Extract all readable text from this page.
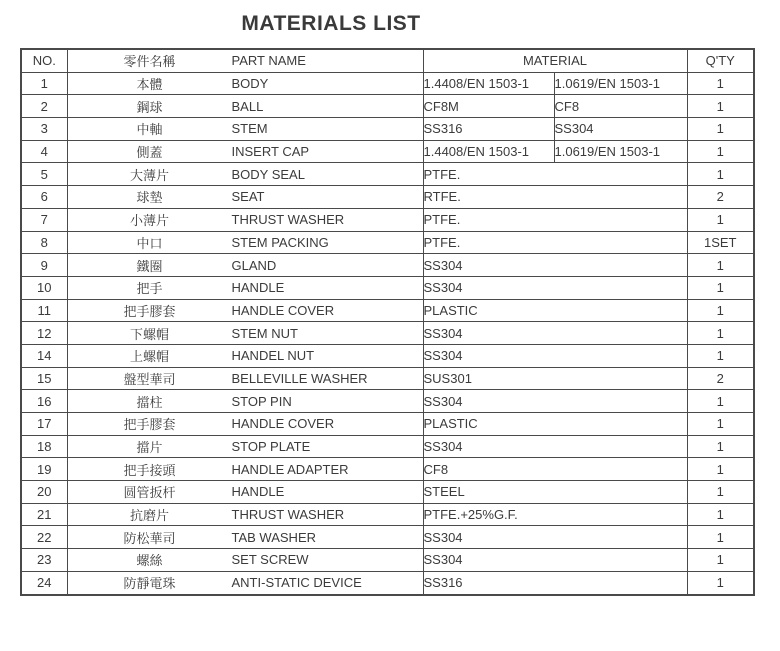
MATERIALS LIST
NO.	零件名稱 PART NAME	MATERIAL		Q'TY
1	本體 BODY	1.4408/EN 1503-1	1.0619/EN 1503-1	1
2	鋼球 BALL	CF8M	CF8	1
3	中軸 STEM	SS316	SS304	1
4	側蓋 INSERT CAP	1.4408/EN 1503-1	1.0619/EN 1503-1	1
5	大薄片 BODY SEAL	PTFE.		1
6	球墊 SEAT	RTFE.		2
7	小薄片 THRUST WASHER	PTFE.		1
8	中口 STEM PACKING	PTFE.		1SET
9	鐵圈 GLAND	SS304		1
10	把手 HANDLE	SS304		1
11	把手膠套 HANDLE COVER	PLASTIC		1
12	下螺帽 STEM NUT	SS304		1
14	上螺帽 HANDEL NUT	SS304		1
15	盤型華司 BELLEVILLE WASHER	SUS301		2
16	擋柱 STOP PIN	SS304		1
17	把手膠套 HANDLE COVER	PLASTIC		1
18	擋片 STOP PLATE	SS304		1
19	把手接頭 HANDLE ADAPTER	CF8		1
20	圆管扳杆 HANDLE	STEEL		1
21	抗磨片 THRUST WASHER	PTFE.+25%G.F.		1
22	防松華司 TAB WASHER	SS304		1
23	螺絲 SET SCREW	SS304		1
24	防靜電珠 ANTI-STATIC DEVICE	SS316		1
